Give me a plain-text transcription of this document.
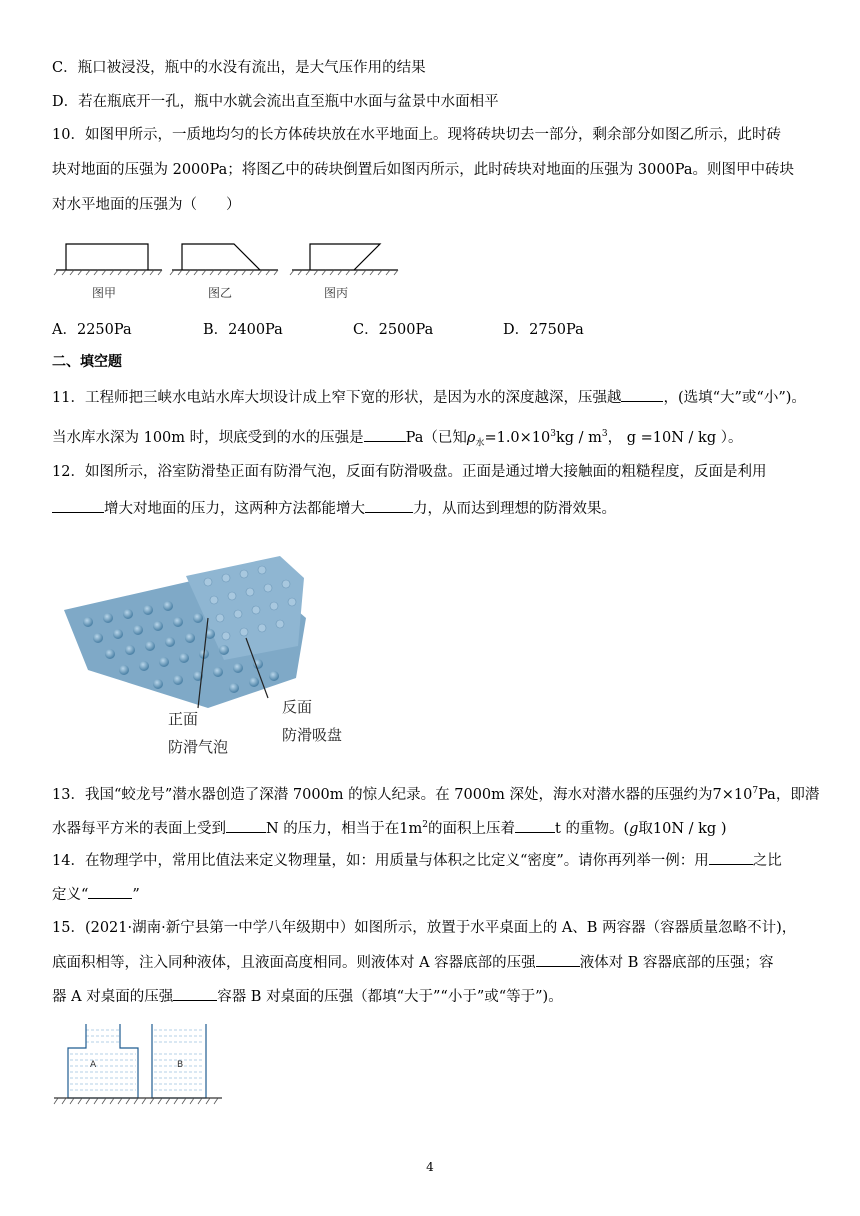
C．瓶口被浸没，瓶中的水没有流出，是大气压作用的结果
D．若在瓶底开一孔，瓶中水就会流出直至瓶中水面与盆景中水面相平
10．如图甲所示，一质地均匀的长方体砖块放在水平地面上。现将砖块切去一部分，剩余部分如图乙所示，此时砖
块对地面的压强为 2000Pa；将图乙中的砖块倒置后如图丙所示，此时砖块对地面的压强为 3000Pa。则图甲中砖块
对水平地面的压强为（　　）
图甲	图乙	图丙
A．2250Pa	B．2400Pa	C．2500Pa	D．2750Pa
二、填空题
11．工程师把三峡水电站水库大坝设计成上窄下宽的形状，是因为水的深度越深，压强越	，(选填“大”或“小”)。
当水库水深为 100m 时，坝底受到的水的压强是	Pa（已知$\rho_水=1.0\times 10^3kg / m^3$， g =10N / kg ）。
12．如图所示，浴室防滑垫正面有防滑气泡，反面有防滑吸盘。正面是通过增大接触面的粗糙程度，反面是利用
增大对地面的压力，这两种方法都能增大	力，从而达到理想的防滑效果。
正面
防滑气泡
反面
防滑吸盘
13．我国“蛟龙号”潜水器创造了深潜 7000m 的惊人纪录。在 7000m 深处，海水对潜水器的压强约为$7\times 10^7Pa$，即潜
水器每平方米的表面上受到	N 的压力，相当于在$1m^2$的面积上压着	t 的重物。(g取10N / kg )
14．在物理学中，常用比值法来定义物理量，如：用质量与体积之比定义“密度”。请你再列举一例：用	之比
定义“	”
15．(2021·湖南·新宁县第一中学八年级期中）如图所示，放置于水平桌面上的 A、B 两容器（容器质量忽略不计)，
底面积相等，注入同种液体，且液面高度相同。则液体对 A 容器底部的压强	液体对 B 容器底部的压强；容
器 A 对桌面的压强	容器 B 对桌面的压强（都填“大于”“小于”或“等于”)。
A	B
4
